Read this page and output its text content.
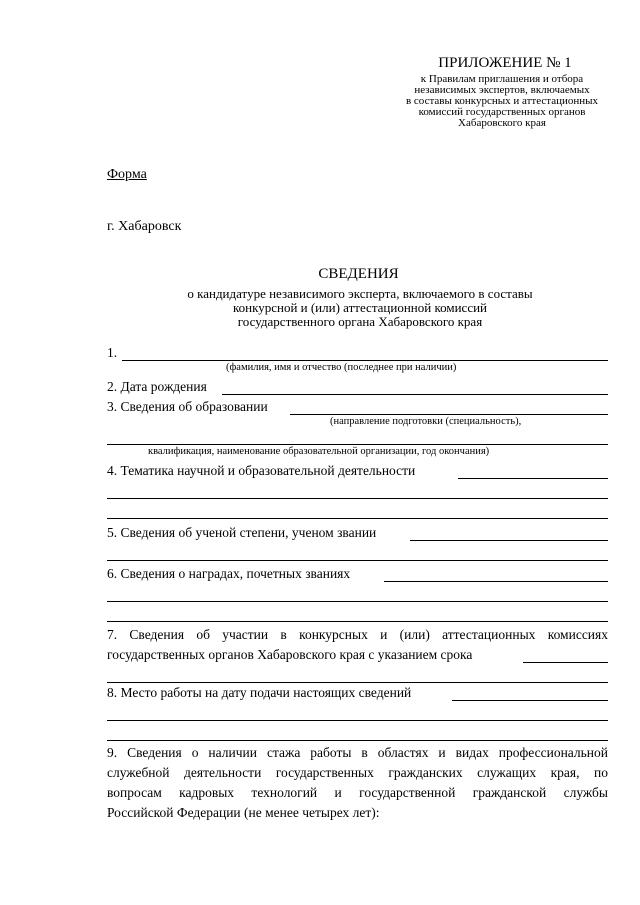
ПРИЛОЖЕНИЕ № 1
к Правилам приглашения и отбора
независимых экспертов, включаемых
в составы конкурсных и аттестационных
комиссий государственных органов
Хабаровского края
Форма
г. Хабаровск
СВЕДЕНИЯ
о кандидатуре независимого эксперта, включаемого в составы
конкурсной и (или) аттестационной комиссий
государственного органа Хабаровского края
1.
(фамилия, имя и отчество (последнее при наличии)
2. Дата рождения
3. Сведения об образовании
(направление подготовки (специальность),
квалификация, наименование образовательной организации, год окончания)
4. Тематика научной и образовательной деятельности
5. Сведения об ученой степени, ученом звании
6. Сведения о наградах, почетных званиях
7. Сведения об участии в конкурсных и (или) аттестационных комиссиях
государственных органов Хабаровского края с указанием срока
8. Место работы на дату подачи настоящих сведений
9. Сведения о наличии стажа работы в областях и видах профессиональной
служебной деятельности государственных гражданских служащих края, по
вопросам кадровых технологий и государственной гражданской службы
Российской Федерации (не менее четырех лет):
